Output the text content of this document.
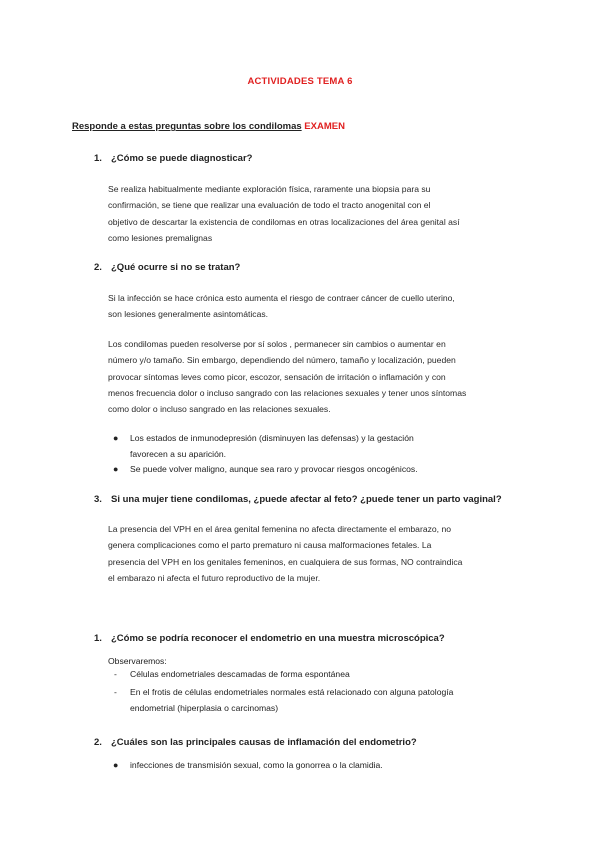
ACTIVIDADES TEMA 6
Responde a estas preguntas sobre los condilomas EXAMEN
1. ¿Cómo se puede diagnosticar?
Se realiza habitualmente mediante exploración física, raramente una biopsia para su
confirmación, se tiene que realizar una evaluación de todo el tracto anogenital con el
objetivo de descartar la existencia de condilomas en otras localizaciones del área genital así
como lesiones premalignas
2. ¿Qué ocurre si no se tratan?
Si la infección se hace crónica esto aumenta el riesgo de contraer cáncer de cuello uterino,
son lesiones generalmente asintomáticas.
Los condilomas pueden resolverse por sí solos , permanecer sin cambios o aumentar en
número y/o tamaño. Sin embargo, dependiendo del número, tamaño y localización, pueden
provocar síntomas leves como picor, escozor, sensación de irritación o inflamación y con
menos frecuencia dolor o incluso sangrado con las relaciones sexuales y tener unos síntomas
como dolor o incluso sangrado en las relaciones sexuales.
● Los estados de inmunodepresión (disminuyen las defensas) y la gestación
favorecen a su aparición.
● Se puede volver maligno, aunque sea raro y provocar riesgos oncogénicos.
3. Si una mujer tiene condilomas, ¿puede afectar al feto? ¿puede tener un parto vaginal?
La presencia del VPH en el área genital femenina no afecta directamente el embarazo, no
genera complicaciones como el parto prematuro ni causa malformaciones fetales. La
presencia del VPH en los genitales femeninos, en cualquiera de sus formas, NO contraindica
el embarazo ni afecta el futuro reproductivo de la mujer.
1. ¿Cómo se podría reconocer el endometrio en una muestra microscópica?
Observaremos:
- Células endometriales descamadas de forma espontánea
- En el frotis de células endometriales normales está relacionado con alguna patología
endometrial (hiperplasia o carcinomas)
2. ¿Cuáles son las principales causas de inflamación del endometrio?
● infecciones de transmisión sexual, como la gonorrea o la clamidia.
